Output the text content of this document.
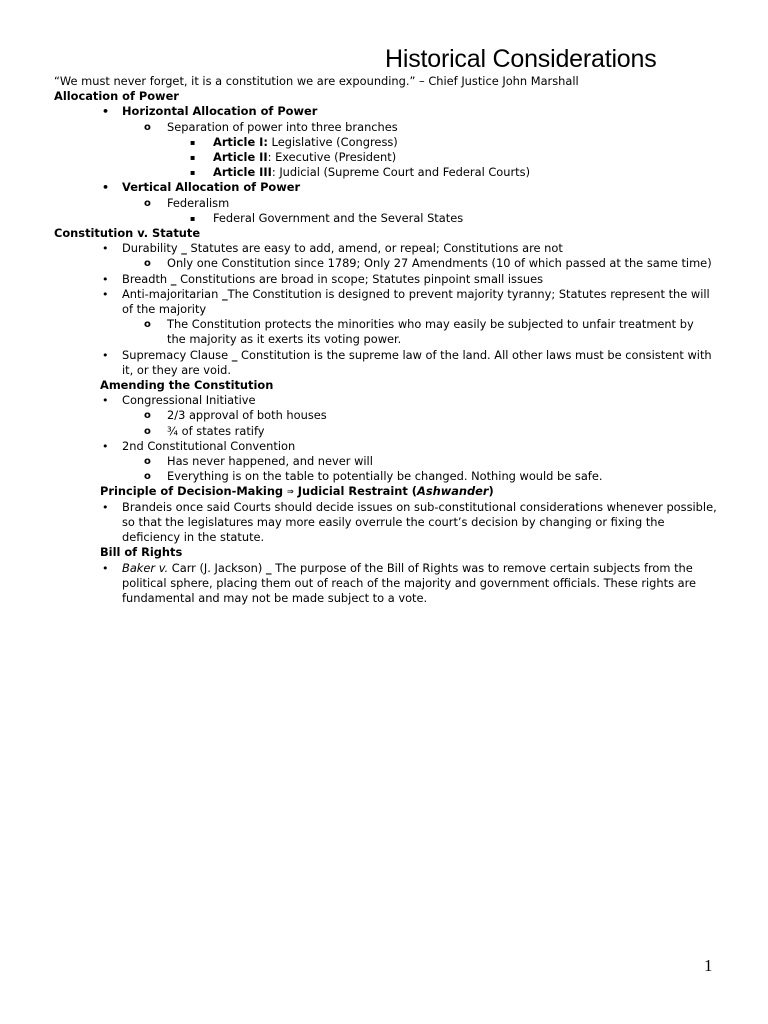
Historical Considerations
“We must never forget, it is a constitution we are expounding.” – Chief Justice John Marshall
Allocation of Power
• Horizontal Allocation of Power
o Separation of power into three branches
▪ Article I: Legislative (Congress)
▪ Article II: Executive (President)
▪ Article III: Judicial (Supreme Court and Federal Courts)
• Vertical Allocation of Power
o Federalism
▪ Federal Government and the Several States
Constitution v. Statute
• Durability _ Statutes are easy to add, amend, or repeal; Constitutions are not
o Only one Constitution since 1789; Only 27 Amendments (10 of which passed at the same time)
• Breadth _ Constitutions are broad in scope; Statutes pinpoint small issues
• Anti-majoritarian _The Constitution is designed to prevent majority tyranny; Statutes represent the will of the majority
o The Constitution protects the minorities who may easily be subjected to unfair treatment by the majority as it exerts its voting power.
• Supremacy Clause _ Constitution is the supreme law of the land. All other laws must be consistent with it, or they are void.
Amending the Constitution
• Congressional Initiative
o 2/3 approval of both houses
o ¾ of states ratify
• 2nd Constitutional Convention
o Has never happened, and never will
o Everything is on the table to potentially be changed. Nothing would be safe.
Principle of Decision-Making ⇒ Judicial Restraint (Ashwander)
• Brandeis once said Courts should decide issues on sub-constitutional considerations whenever possible, so that the legislatures may more easily overrule the court’s decision by changing or fixing the deficiency in the statute.
Bill of Rights
• Baker v. Carr (J. Jackson) _ The purpose of the Bill of Rights was to remove certain subjects from the political sphere, placing them out of reach of the majority and government officials. These rights are fundamental and may not be made subject to a vote.
1
